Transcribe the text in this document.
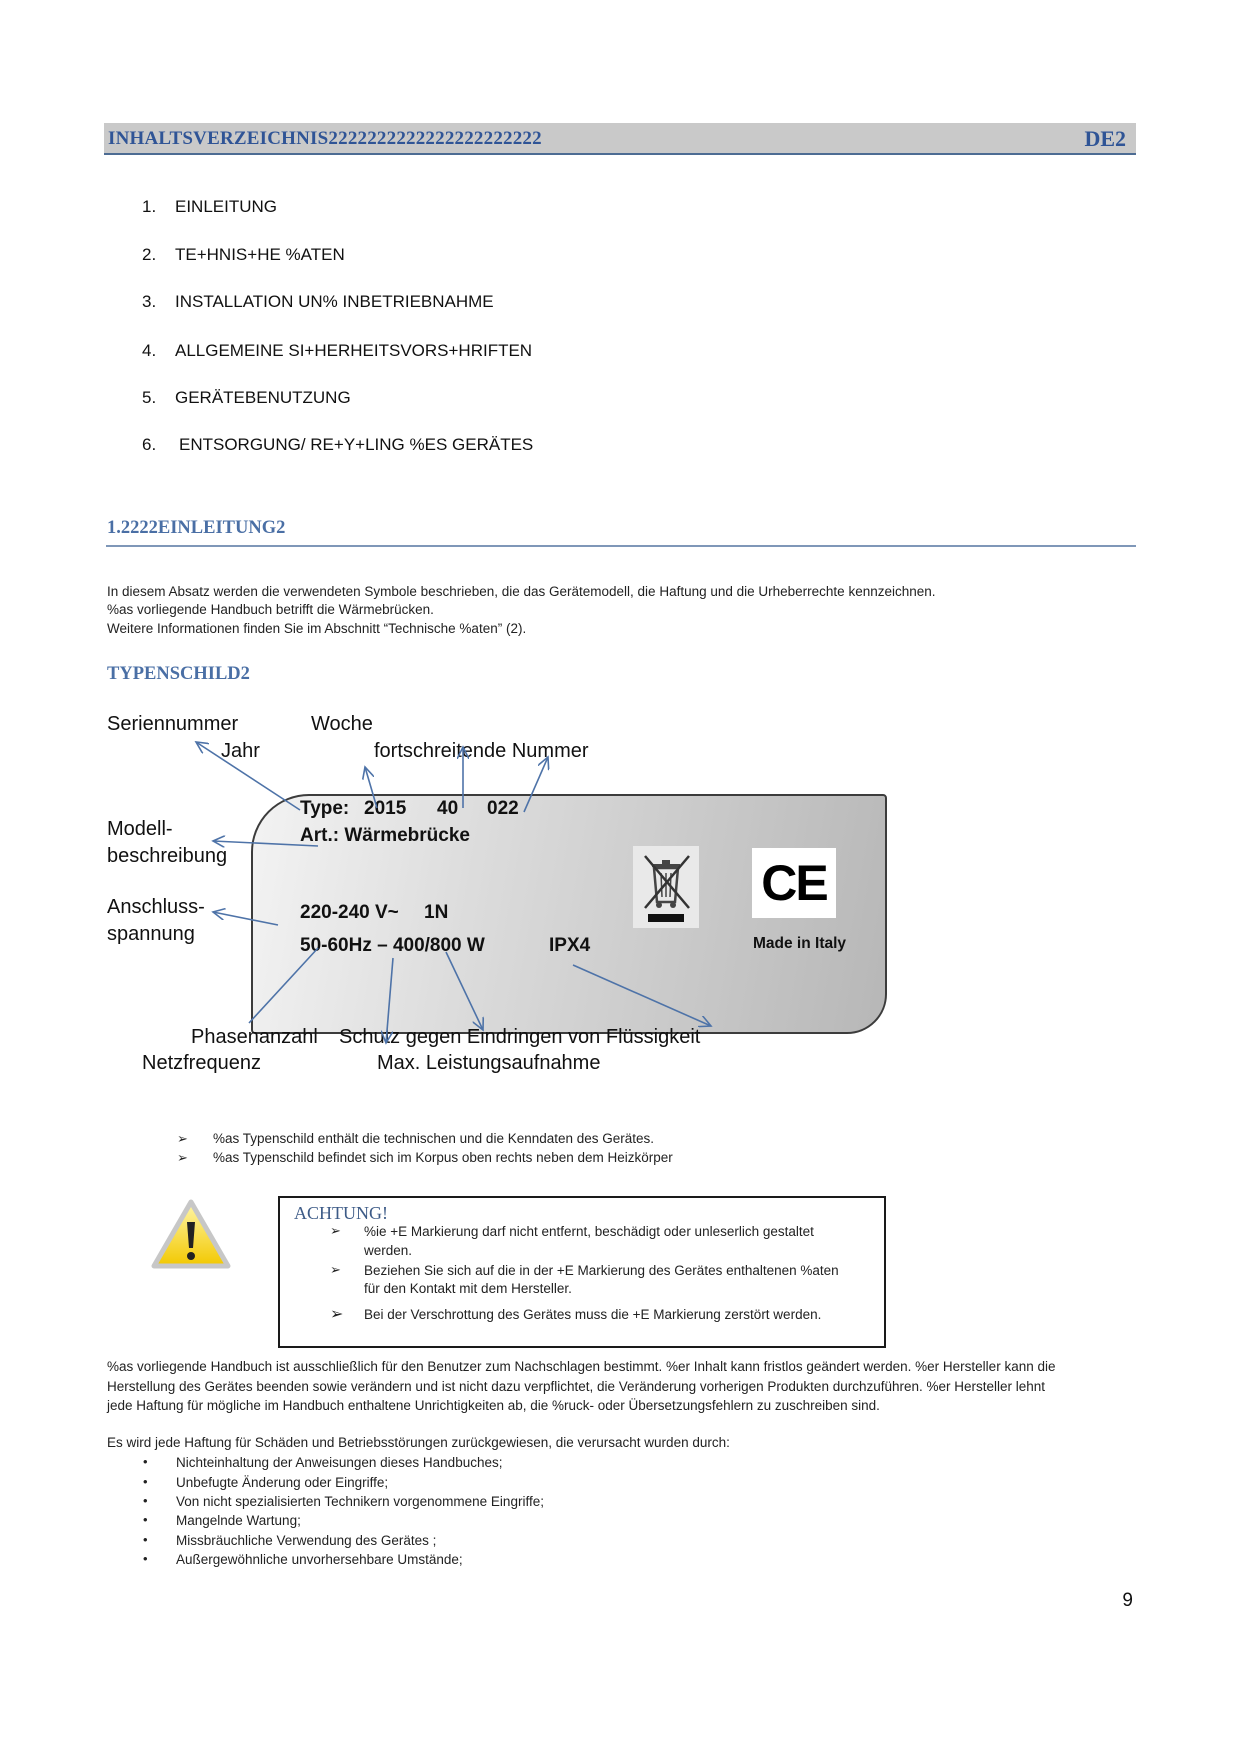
INHALTSVERZEICHNIS2222222222222222222222	DE2
1. EINLEITUNG
2. TE+HNIS+HE %ATEN
3. INSTALLATION UN% INBETRIEBNAHME
4. ALLGEMEINE SI+HERHEITSVORS+HRIFTEN
5. GERÄTEBENUTZUNG
6. ENTSORGUNG/ RE+Y+LING %ES GERÄTES
1.2222EINLEITUNG2
In diesem Absatz werden die verwendeten Symbole beschrieben, die das Gerätemodell, die Haftung und die Urheberrechte kennzeichnen.
%as vorliegende Handbuch betrifft die Wärmebrücken.
Weitere Informationen finden Sie im Abschnitt “Technische %aten” (2).
TYPENSCHILD2
Seriennummer	Woche
Jahr	fortschreitende Nummer
Modell-
beschreibung
Anschluss-
spannung
Type: 2015 40 022
Art.: Wärmebrücke
220-240 V~ 1N
50-60Hz – 400/800 W	IPX4
CE
Made in Italy
Phasenanzahl Schutz gegen Eindringen von Flüssigkeit
Netzfrequenz	Max. Leistungsaufnahme
➢ %as Typenschild enthält die technischen und die Kenndaten des Gerätes.
➢ %as Typenschild befindet sich im Korpus oben rechts neben dem Heizkörper
ACHTUNG!
➢ %ie +E Markierung darf nicht entfernt, beschädigt oder unleserlich gestaltet
werden.
➢ Beziehen Sie sich auf die in der +E Markierung des Gerätes enthaltenen %aten
für den Kontakt mit dem Hersteller.
➢ Bei der Verschrottung des Gerätes muss die +E Markierung zerstört werden.
%as vorliegende Handbuch ist ausschließlich für den Benutzer zum Nachschlagen bestimmt. %er Inhalt kann fristlos geändert werden. %er Hersteller kann die
Herstellung des Gerätes beenden sowie verändern und ist nicht dazu verpflichtet, die Veränderung vorherigen Produkten durchzuführen. %er Hersteller lehnt
jede Haftung für mögliche im Handbuch enthaltene Unrichtigkeiten ab, die %ruck- oder Übersetzungsfehlern zu zuschreiben sind.
Es wird jede Haftung für Schäden und Betriebsstörungen zurückgewiesen, die verursacht wurden durch:
• Nichteinhaltung der Anweisungen dieses Handbuches;
• Unbefugte Änderung oder Eingriffe;
• Von nicht spezialisierten Technikern vorgenommene Eingriffe;
• Mangelnde Wartung;
• Missbräuchliche Verwendung des Gerätes ;
• Außergewöhnliche unvorhersehbare Umstände;
9
